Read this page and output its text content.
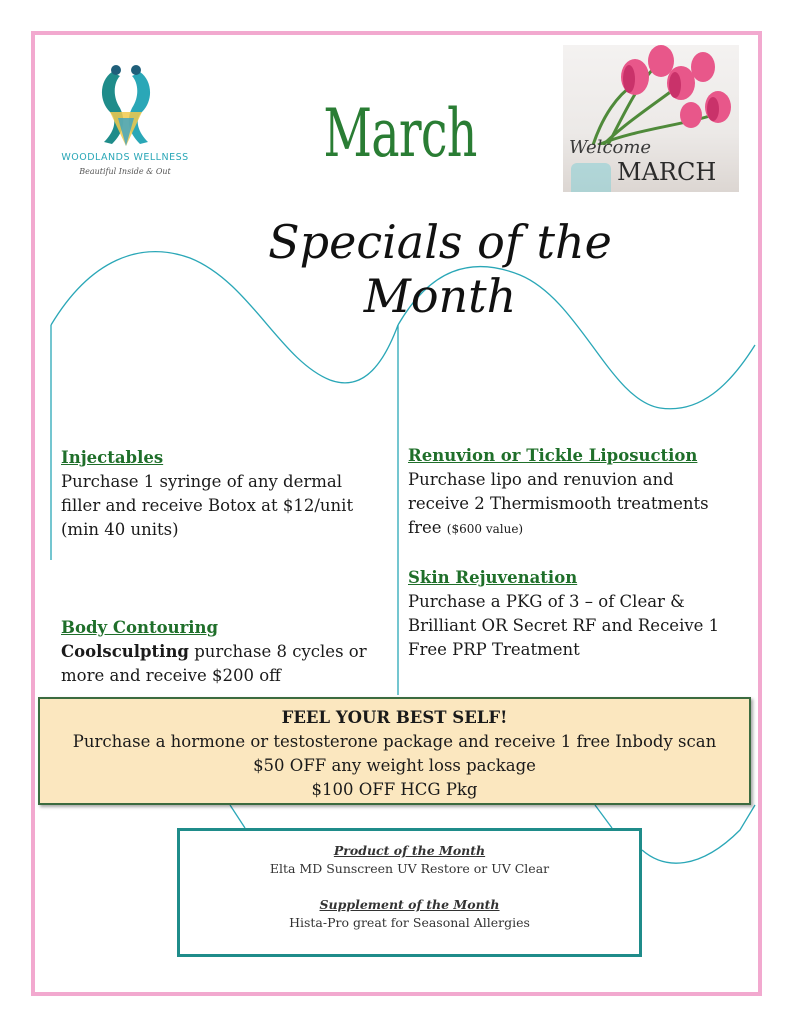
WOODLANDS WELLNESS
Beautiful Inside & Out	March
Specials of the Month
Welcome
MARCH
Injectables
Purchase 1 syringe of any dermal filler and receive Botox at $12/unit (min 40 units)
Body Contouring
Coolsculpting purchase 8 cycles or more and receive $200 off
Renuvion or Tickle Liposuction
Purchase lipo and renuvion and receive 2 Thermismooth treatments free ($600 value)
Skin Rejuvenation
Purchase a PKG of 3 – of Clear & Brilliant OR Secret RF and Receive 1 Free PRP Treatment
FEEL YOUR BEST SELF!
Purchase a hormone or testosterone package and receive 1 free Inbody scan
$50 OFF any weight loss package
$100 OFF HCG Pkg
Product of the Month
Elta MD Sunscreen UV Restore or UV Clear
Supplement of the Month
Hista-Pro great for Seasonal Allergies
